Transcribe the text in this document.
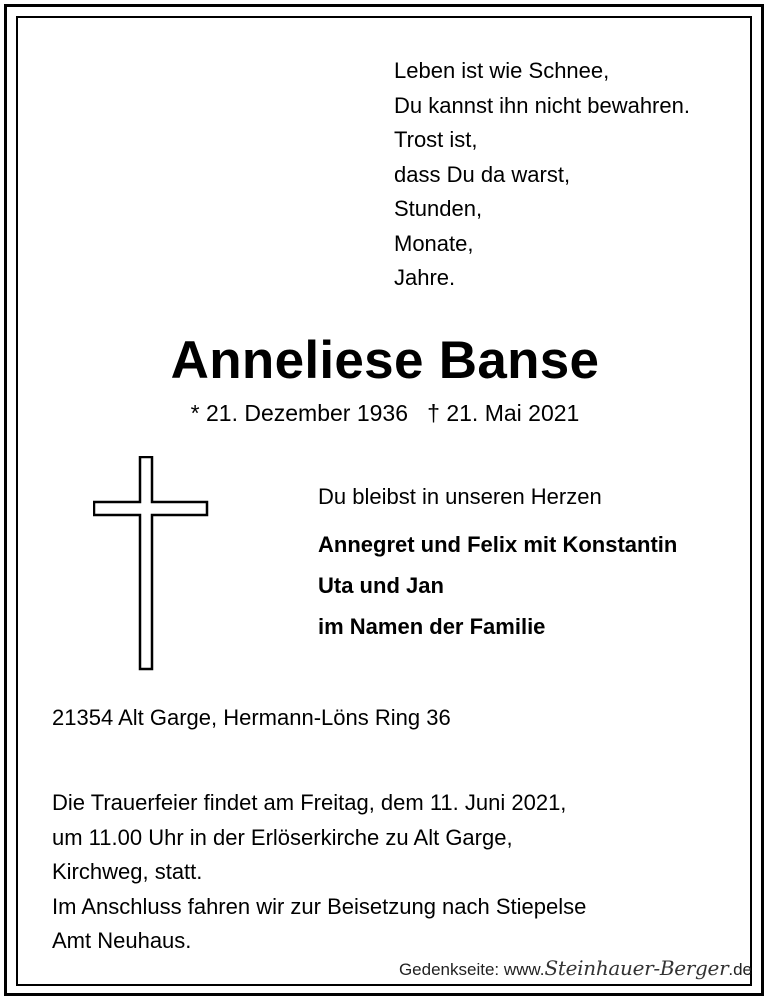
Leben ist wie Schnee,
Du kannst ihn nicht bewahren.
Trost ist,
dass Du da warst,
Stunden,
Monate,
Jahre.
Anneliese Banse
* 21. Dezember 1936 † 21. Mai 2021
Du bleibst in unseren Herzen
Annegret und Felix mit Konstantin
Uta und Jan
im Namen der Familie
21354 Alt Garge, Hermann-Löns Ring 36
Die Trauerfeier findet am Freitag, dem 11. Juni 2021,
um 11.00 Uhr in der Erlöserkirche zu Alt Garge,
Kirchweg, statt.
Im Anschluss fahren wir zur Beisetzung nach Stiepelse
Amt Neuhaus.
Gedenkseite: www.Steinhauer-Berger.de
